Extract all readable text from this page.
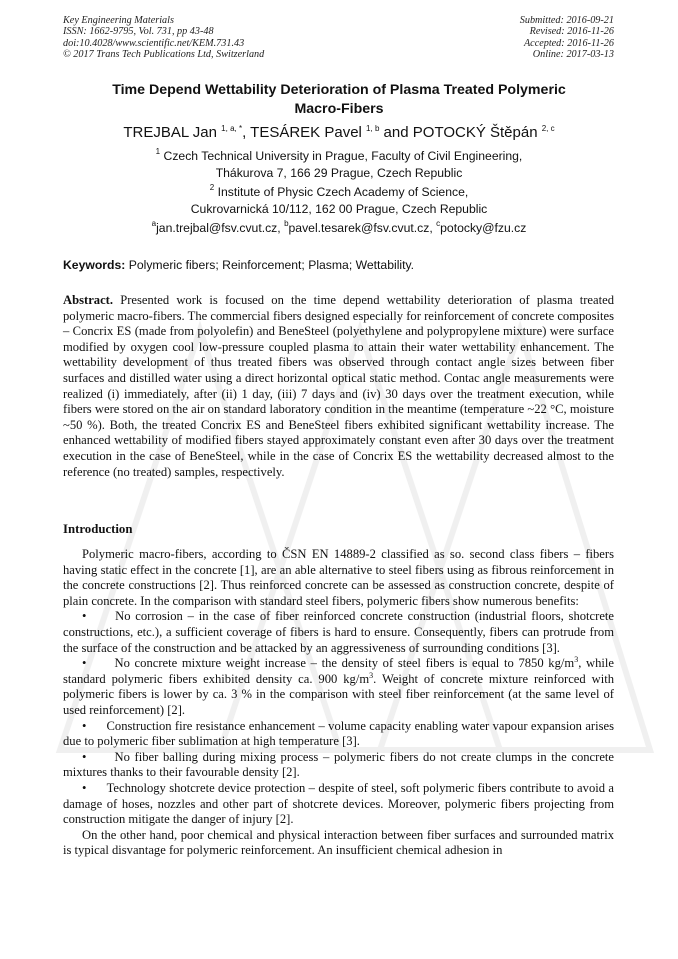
Key Engineering Materials
ISSN: 1662-9795, Vol. 731, pp 43-48
doi:10.4028/www.scientific.net/KEM.731.43
© 2017 Trans Tech Publications Ltd, Switzerland
Submitted: 2016-09-21
Revised: 2016-11-26
Accepted: 2016-11-26
Online: 2017-03-13
Time Depend Wettability Deterioration of Plasma Treated Polymeric
Macro-Fibers
TREJBAL Jan $^{1, a, *}$, TESÁREK Pavel $^{1, b}$ and POTOCKÝ Štěpán $^{2, c}$
$^1$ Czech Technical University in Prague, Faculty of Civil Engineering,
Thákurova 7, 166 29 Prague, Czech Republic
$^2$ Institute of Physic Czech Academy of Science,
Cukrovarnická 10/112, 162 00 Prague, Czech Republic
$^a$jan.trejbal@fsv.cvut.cz, $^b$pavel.tesarek@fsv.cvut.cz, $^c$potocky@fzu.cz
Keywords: Polymeric fibers; Reinforcement; Plasma; Wettability.
Abstract. Presented work is focused on the time depend wettability deterioration of plasma treated polymeric macro-fibers. The commercial fibers designed especially for reinforcement of concrete composites – Concrix ES (made from polyolefin) and BeneSteel (polyethylene and polypropylene mixture) were surface modified by oxygen cool low-pressure coupled plasma to attain their water wettability enhancement. The wettability development of thus treated fibers was observed through contact angle sizes between fiber surfaces and distilled water using a direct horizontal optical static method. Contac angle measurements were realized (i) immediately, after (ii) 1 day, (iii) 7 days and (iv) 30 days over the treatment execution, while fibers were stored on the air on standard laboratory condition in the meantime (temperature ~22 °C, moisture ~50 %). Both, the treated Concrix ES and BeneSteel fibers exhibited significant wettability increase. The enhanced wettability of modified fibers stayed approximately constant even after 30 days over the treatment execution in the case of BeneSteel, while in the case of Concrix ES the wettability decreased almost to the reference (no treated) samples, respectively.
Introduction

Polymeric macro-fibers, according to ČSN EN 14889-2 classified as so. second class fibers – fibers having static effect in the concrete [1], are an able alternative to steel fibers using as fibrous reinforcement in the concrete constructions [2]. Thus reinforced concrete can be assessed as construction concrete, despite of plain concrete. In the comparison with standard steel fibers, polymeric fibers show numerous benefits:

• No corrosion – in the case of fiber reinforced concrete construction (industrial floors, shotcrete constructions, etc.), a sufficient coverage of fibers is hard to ensure. Consequently, fibers can protrude from the surface of the construction and be attacked by an aggressiveness of surrounding conditions [3].

• No concrete mixture weight increase – the density of steel fibers is equal to 7850 $kg/m^3$, while standard polymeric fibers exhibited density ca. 900 $kg/m^3$. Weight of concrete mixture reinforced with polymeric fibers is lower by ca. 3 % in the comparison with steel fiber reinforcement (at the same level of used reinforcement) [2].

• Construction fire resistance enhancement – volume capacity enabling water vapour expansion arises due to polymeric fiber sublimation at high temperature [3].

• No fiber balling during mixing process – polymeric fibers do not create clumps in the concrete mixtures thanks to their favourable density [2].

• Technology shotcrete device protection – despite of steel, soft polymeric fibers contribute to avoid a damage of hoses, nozzles and other part of shotcrete devices. Moreover, polymeric fibers projecting from construction mitigate the danger of injury [2].

On the other hand, poor chemical and physical interaction between fiber surfaces and surrounded matrix is typical disvantage for polymeric reinforcement. An insufficient chemical adhesion in
